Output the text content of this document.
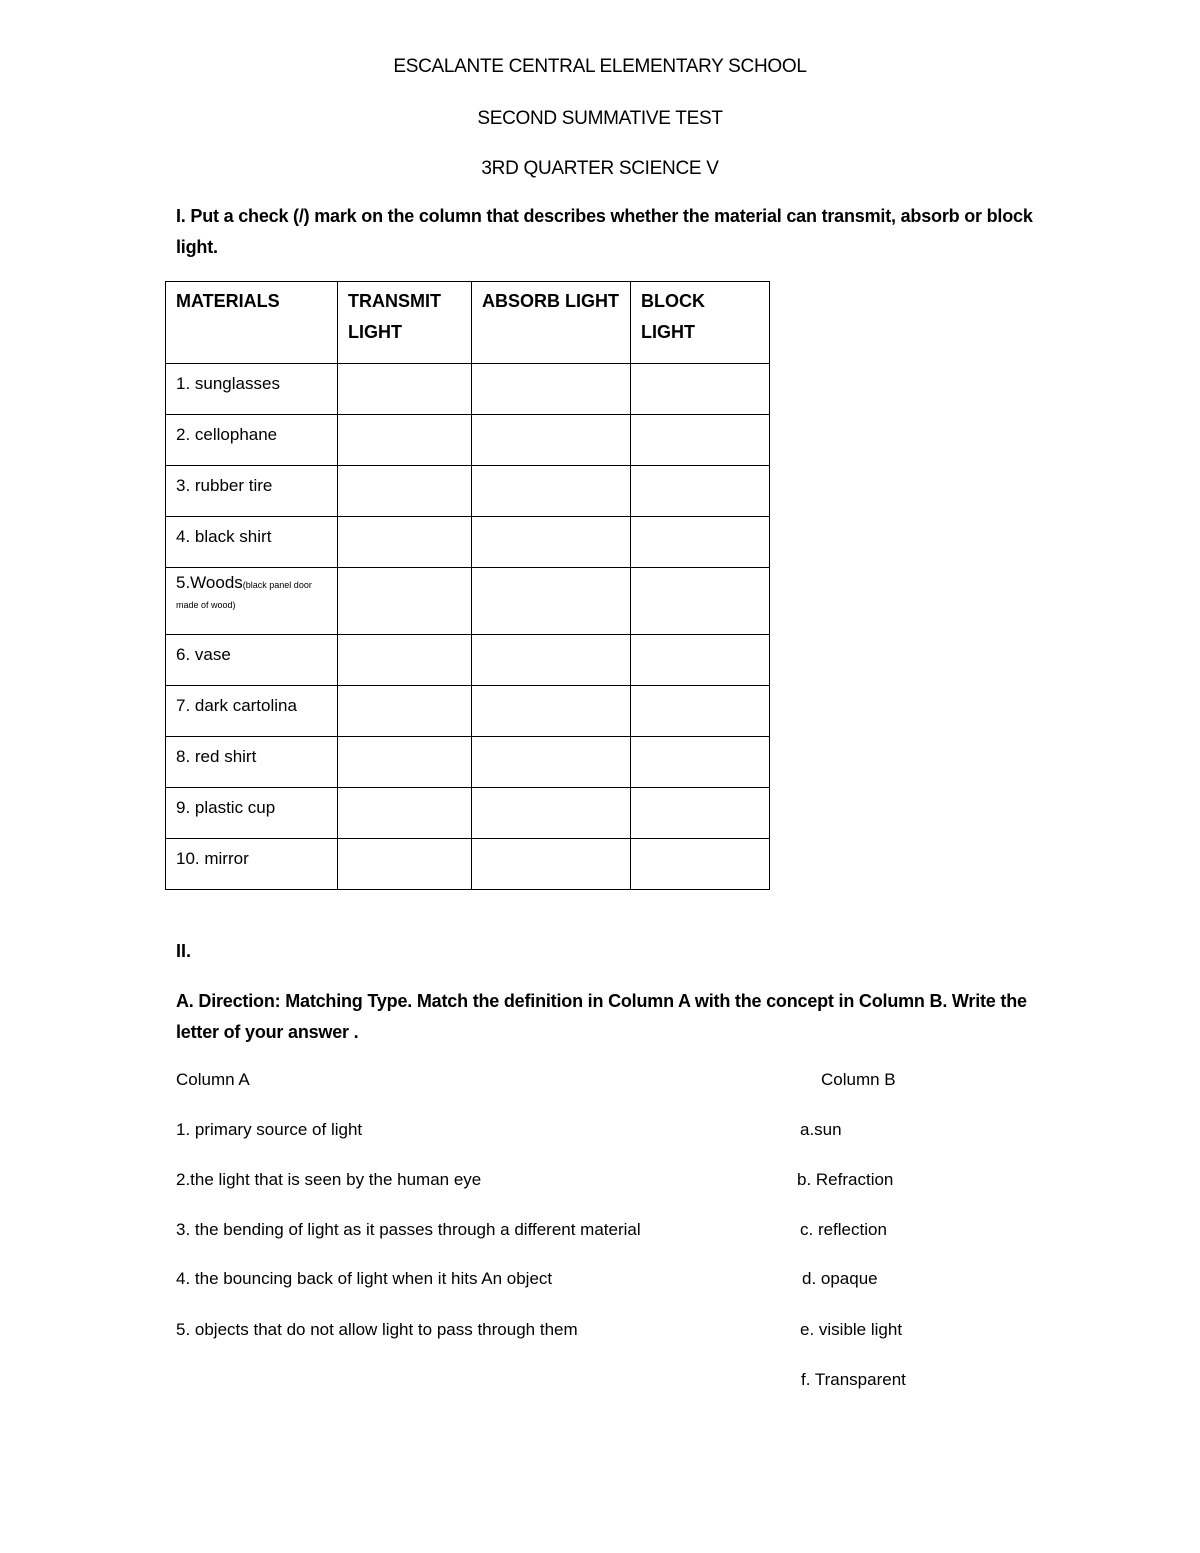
ESCALANTE CENTRAL ELEMENTARY SCHOOL
SECOND SUMMATIVE TEST
3RD QUARTER SCIENCE V
I. Put a check (/) mark on the column that describes whether the material can transmit, absorb or block light.
MATERIALS	TRANSMIT LIGHT	ABSORB LIGHT	BLOCK LIGHT
1. sunglasses			
2. cellophane			
3. rubber tire			
4. black shirt			
5.Woods(black panel door made of wood)			
6. vase			
7. dark cartolina			
8. red shirt			
9. plastic cup			
10. mirror			
II.
A. Direction: Matching Type. Match the definition in Column A with the concept in Column B. Write the letter of your answer .
Column A	Column B
1. primary source of light	a.sun
2.the light that is seen by the human eye	b. Refraction
3. the bending of light as it passes through a different material	c. reflection
4. the bouncing back of light when it hits An object	d. opaque
5. objects that do not allow light to pass through them	e. visible light
f. Transparent
